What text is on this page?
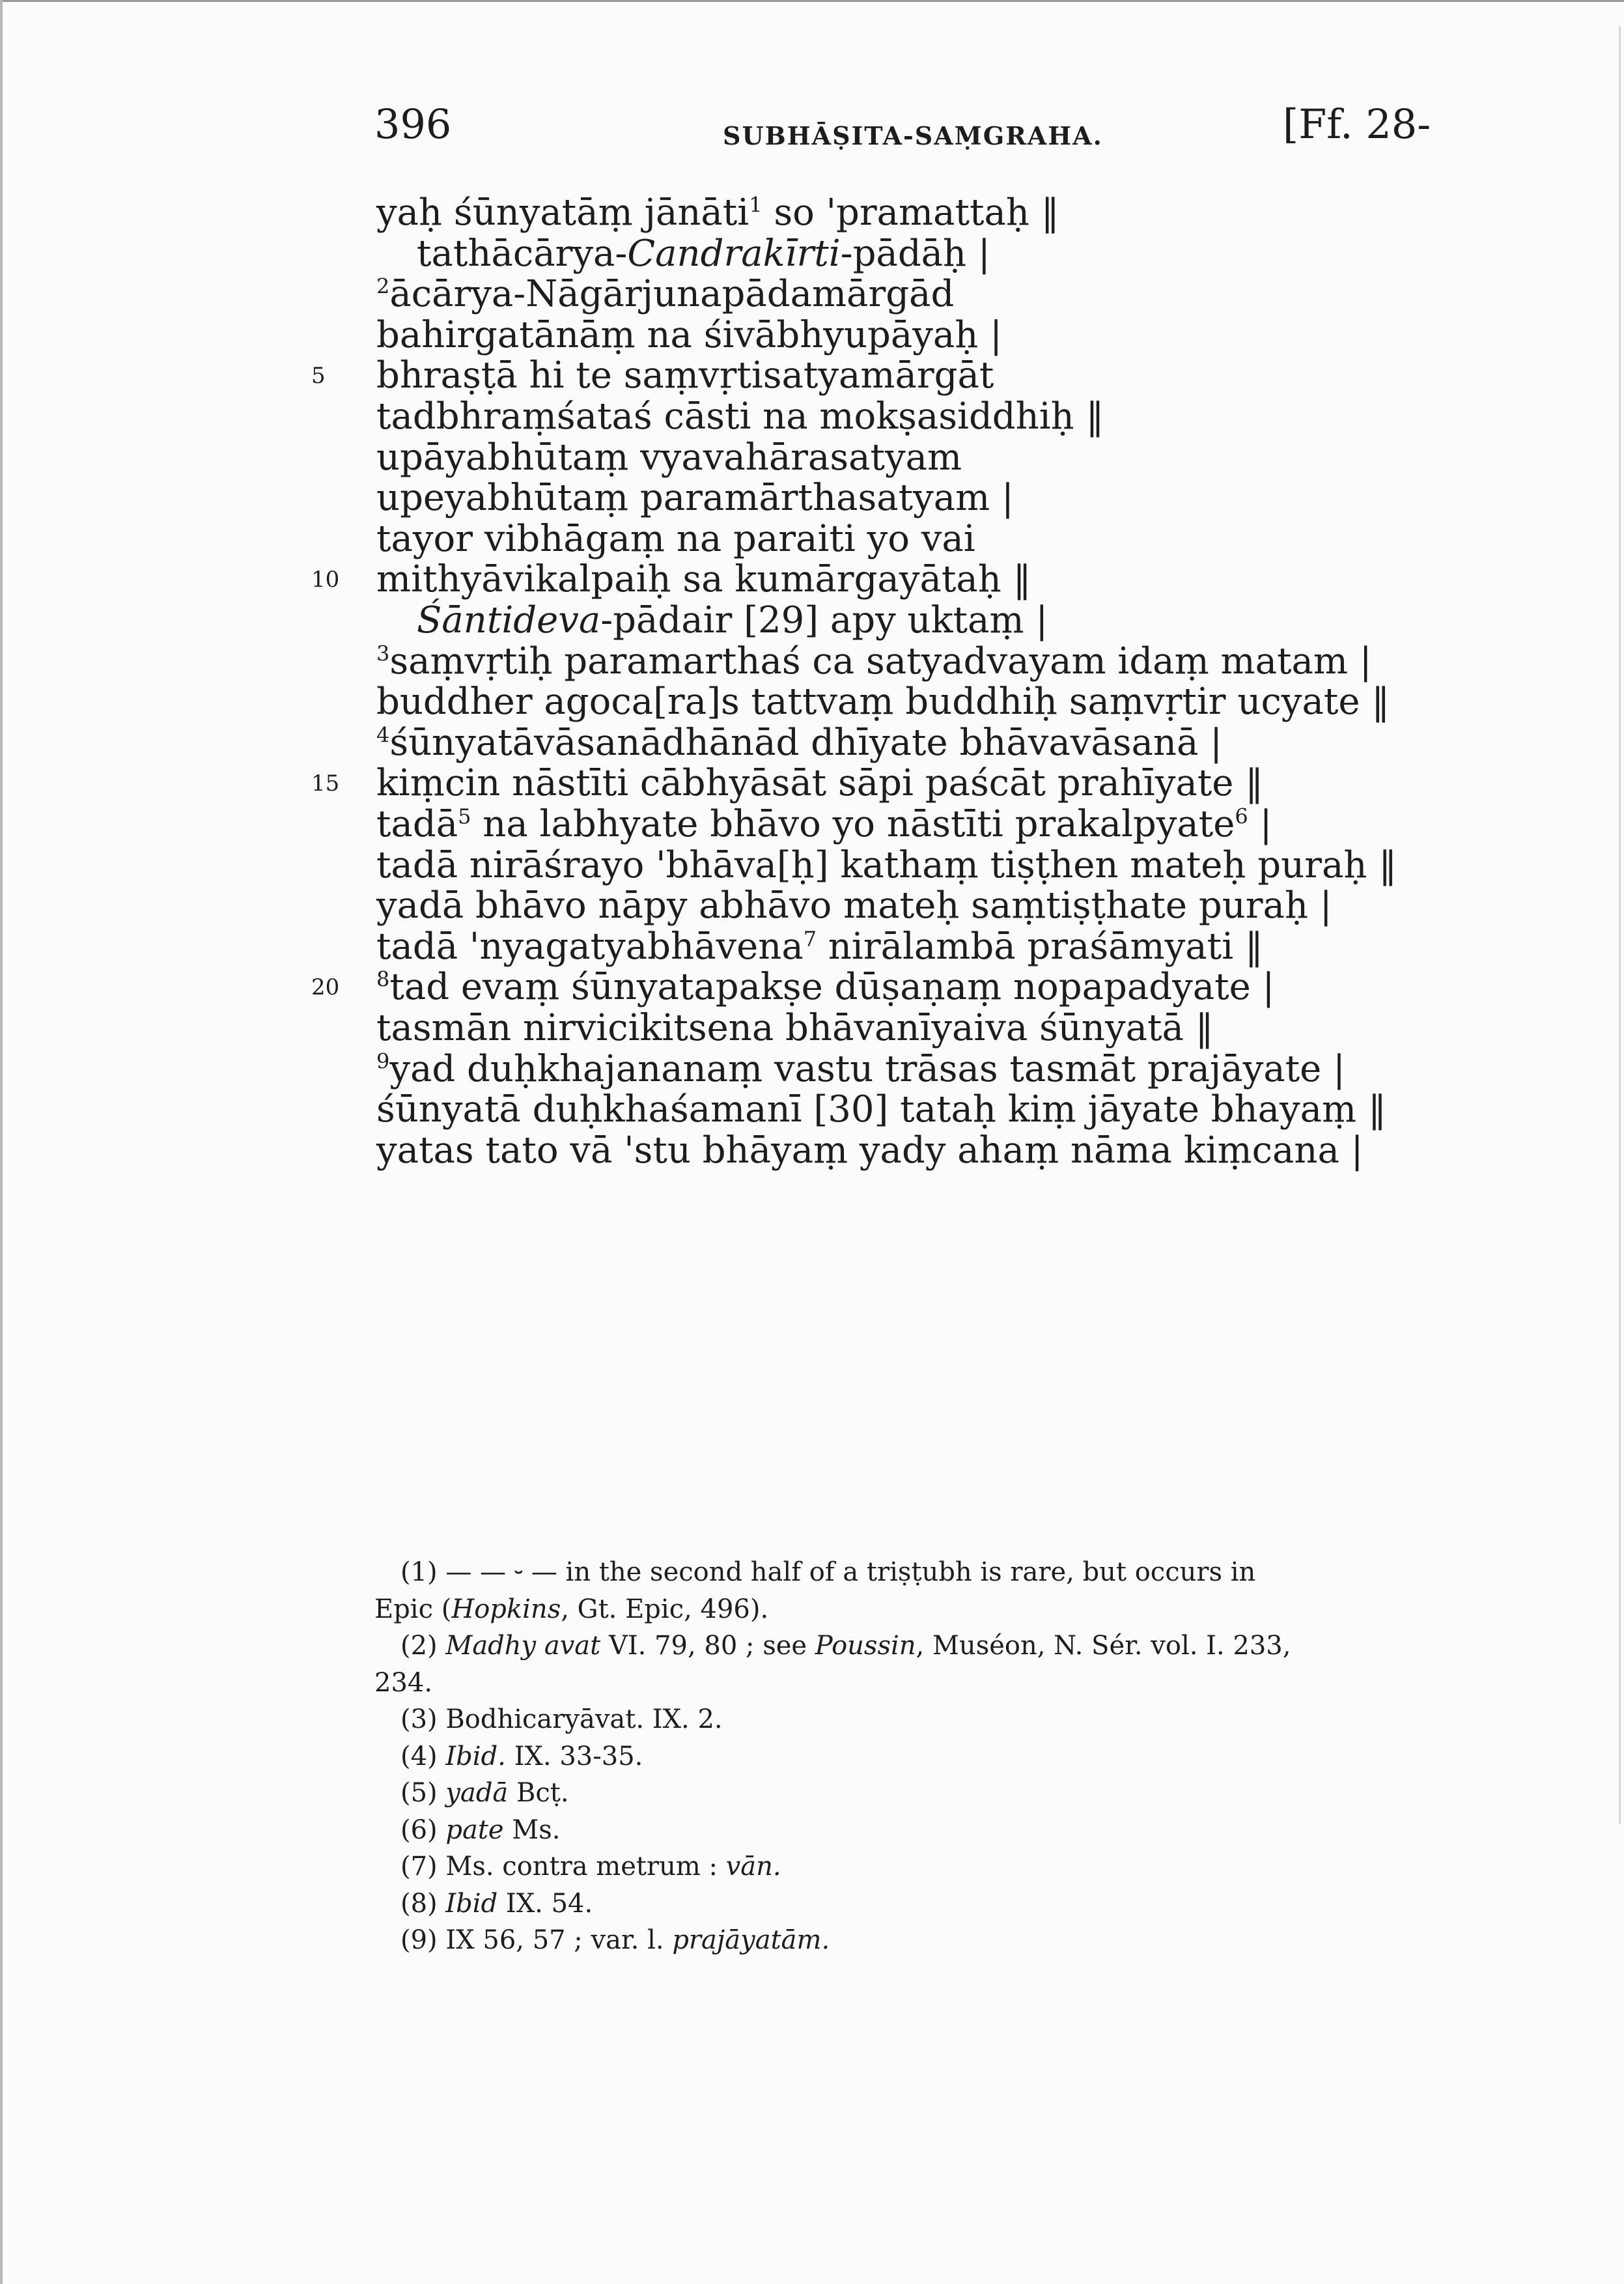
396	SUBHĀṢITA-SAṂGRAHA.	[Ff. 28-
yaḥ śūnyatāṃ jānāti$^1$ so 'pramattaḥ ‖
tathācārya-Candrakīrti-pādāḥ |
$^2$ācārya-Nāgārjunapādamārgād
bahirgatānāṃ na śivābhyupāyaḥ |
5	bhraṣṭā hi te saṃvṛtisatyamārgāt
tadbhraṃśataś cāsti na mokṣasiddhiḥ ‖
upāyabhūtaṃ vyavahārasatyam
upeyabhūtaṃ paramārthasatyam |
tayor vibhāgaṃ na paraiti yo vai
10	mithyāvikalpaiḥ sa kumārgayātaḥ ‖
Śāntideva-pādair [29] apy uktaṃ |
$^3$saṃvṛtiḥ paramarthaś ca satyadvayam idaṃ matam |
buddher agoca[ra]s tattvaṃ buddhiḥ saṃvṛtir ucyate ‖
$^4$śūnyatāvāsanādhānād dhīyate bhāvavāsanā |
15	kiṃcin nāstīti cābhyāsāt sāpi paścāt prahīyate ‖
tadā$^5$ na labhyate bhāvo yo nāstīti prakalpyate$^6$ |
tadā nirāśrayo 'bhāva[ḥ] kathaṃ tiṣṭhen mateḥ puraḥ ‖
yadā bhāvo nāpy abhāvo mateḥ saṃtiṣṭhate puraḥ |
tadā 'nyagatyabhāvena$^7$ nirālambā praśāmyati ‖
20	$^8$tad evaṃ śūnyatapakṣe dūṣaṇaṃ nopapadyate |
tasmān nirvicikitsena bhāvanīyaiva śūnyatā ‖
$^9$yad duḥkhajananaṃ vastu trāsas tasmāt prajāyate |
śūnyatā duḥkhaśamanī [30] tataḥ kiṃ jāyate bhayaṃ ‖
yatas tato vā 'stu bhāyaṃ yady ahaṃ nāma kiṃcana |
(1) — — ⏑ — in the second half of a triṣṭubh is rare, but occurs in
Epic (Hopkins, Gt. Epic, 496).
(2) Madhy avat VI. 79, 80 ; see Poussin, Muséon, N. Sér. vol. I. 233,
234.
(3) Bodhicaryāvat. IX. 2.
(4) Ibid. IX. 33-35.
(5) yadā Bcṭ.
(6) pate Ms.
(7) Ms. contra metrum : vān.
(8) Ibid IX. 54.
(9) IX 56, 57 ; var. l. prajāyatām.
